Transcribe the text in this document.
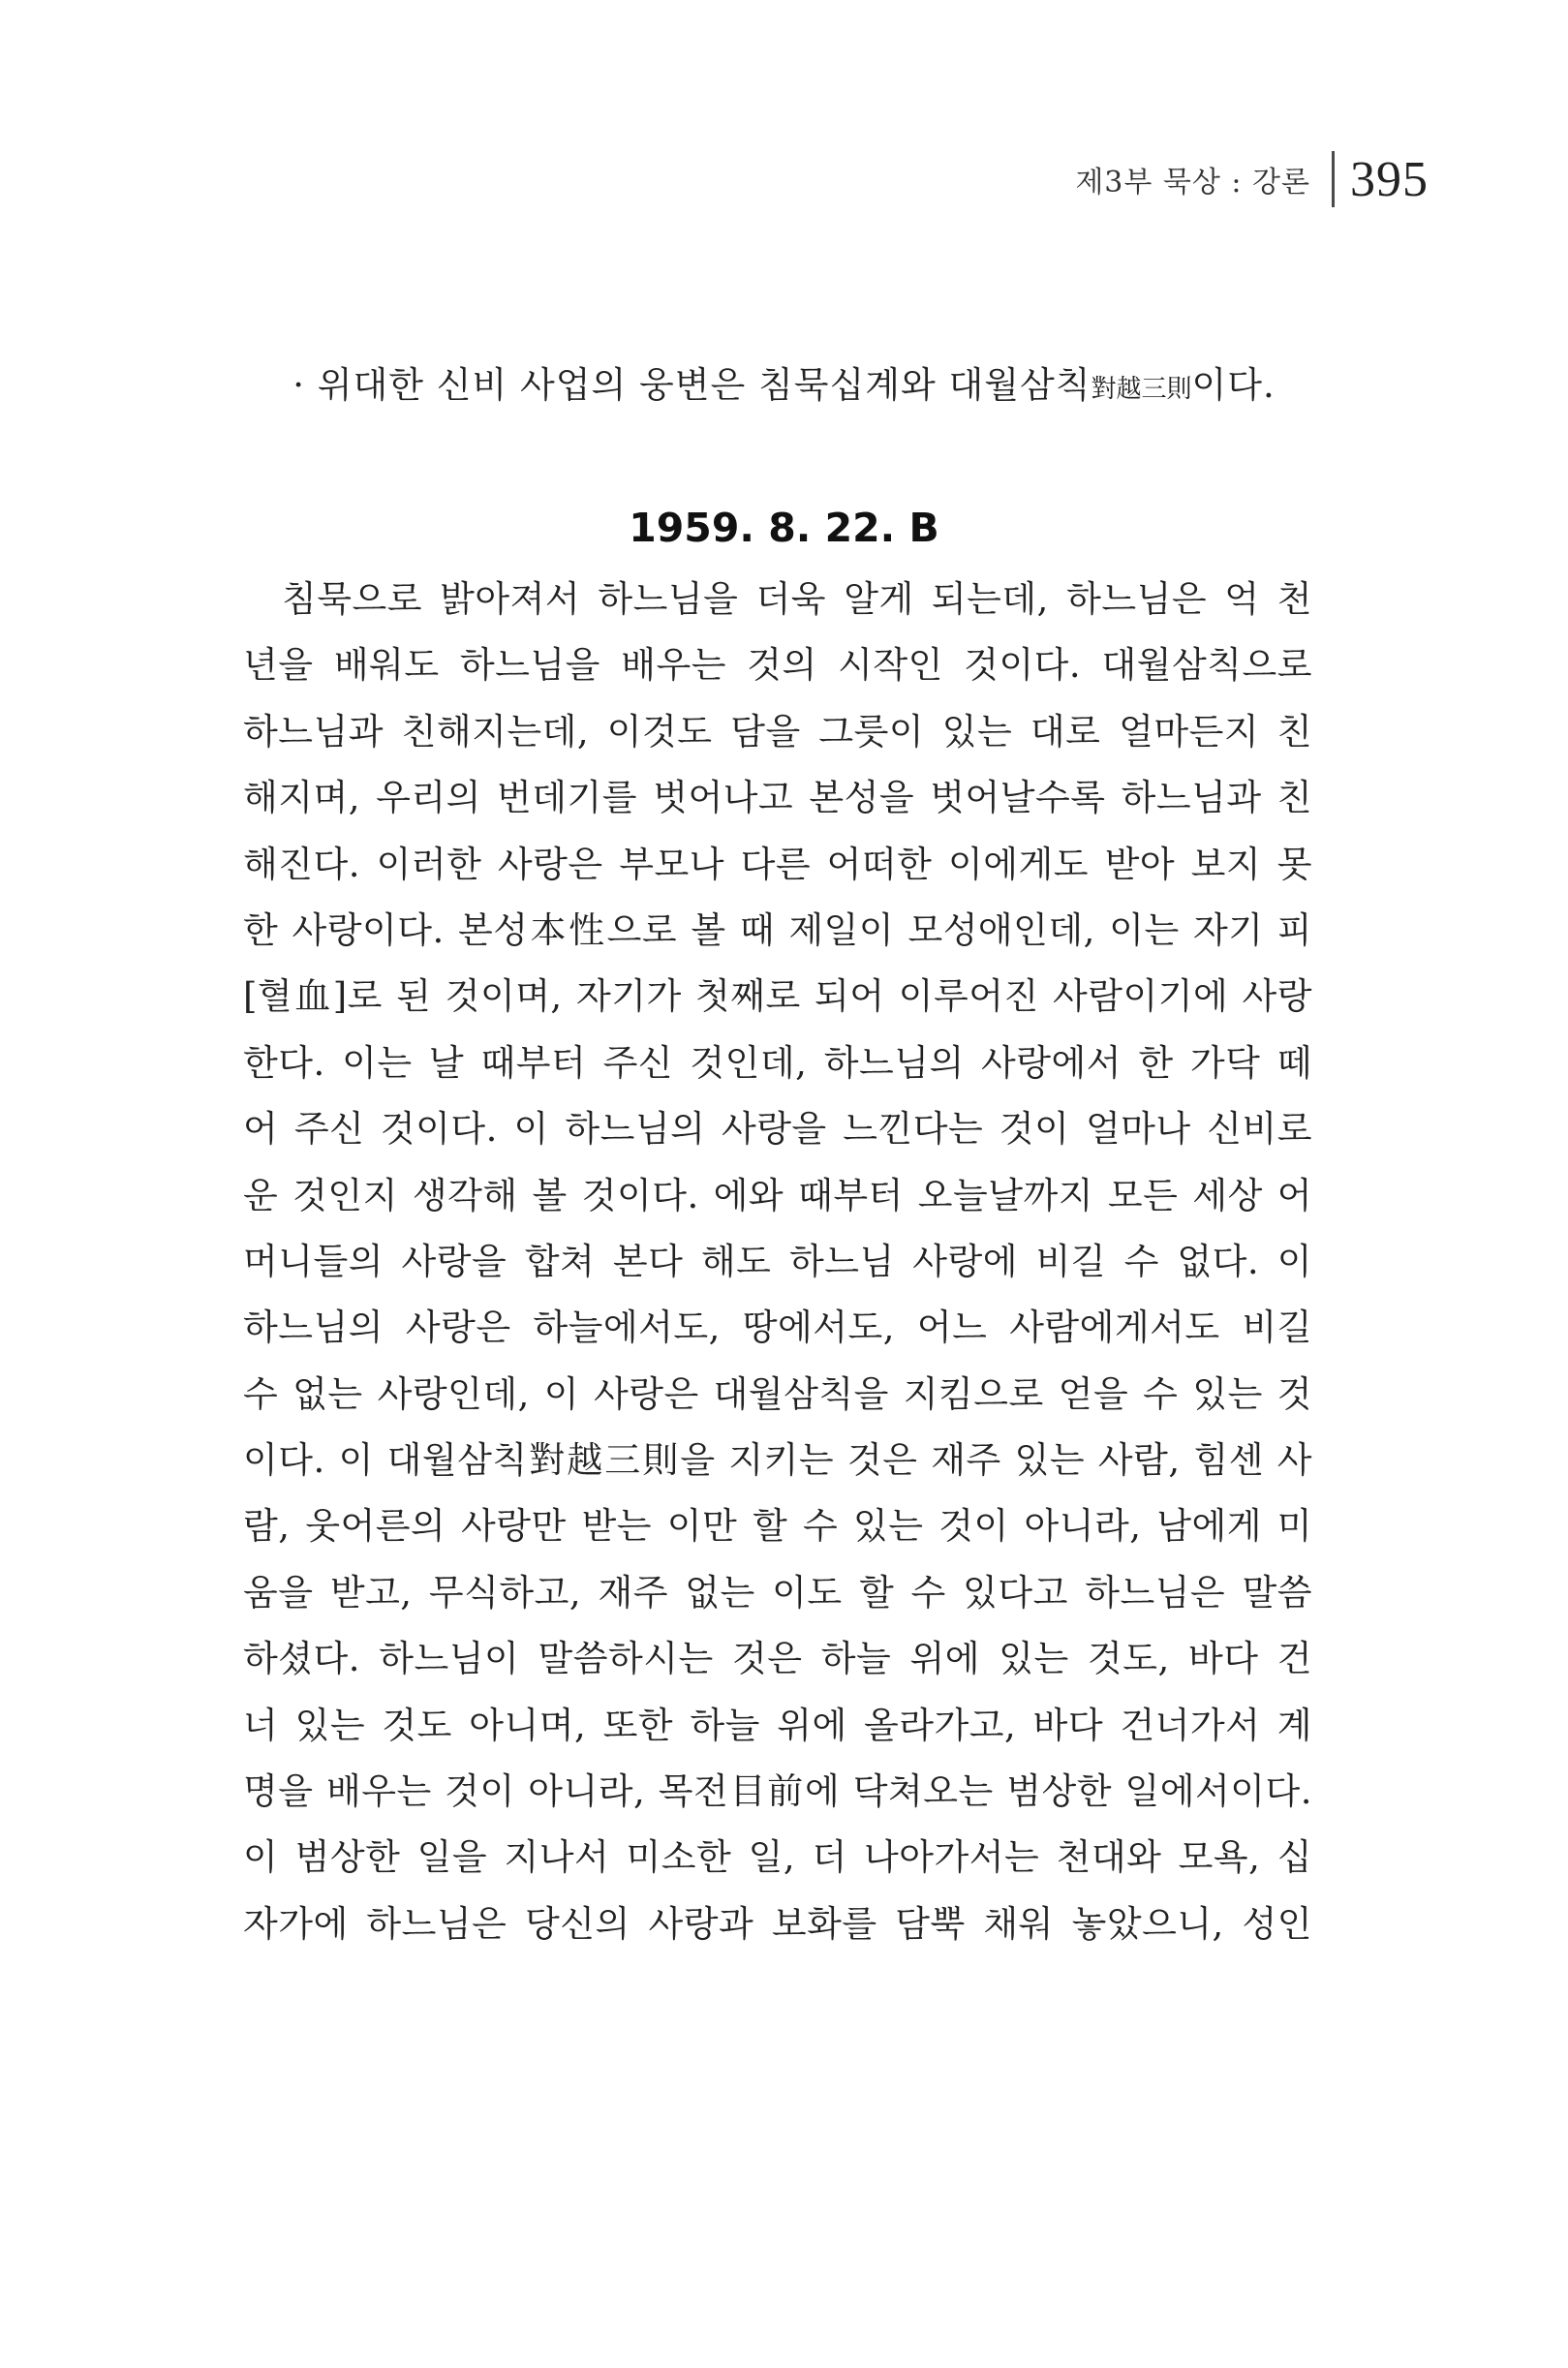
제3부 묵상 : 강론 395
· 위대한 신비 사업의 웅변은 침묵십계와 대월삼칙對越三則이다.
1959. 8. 22. B
침묵으로 밝아져서 하느님을 더욱 알게 되는데, 하느님은 억 천
년을 배워도 하느님을 배우는 것의 시작인 것이다. 대월삼칙으로
하느님과 친해지는데, 이것도 담을 그릇이 있는 대로 얼마든지 친
해지며, 우리의 번데기를 벗어나고 본성을 벗어날수록 하느님과 친
해진다. 이러한 사랑은 부모나 다른 어떠한 이에게도 받아 보지 못
한 사랑이다. 본성本性으로 볼 때 제일이 모성애인데, 이는 자기 피
[혈血]로 된 것이며, 자기가 첫째로 되어 이루어진 사람이기에 사랑
한다. 이는 날 때부터 주신 것인데, 하느님의 사랑에서 한 가닥 떼
어 주신 것이다. 이 하느님의 사랑을 느낀다는 것이 얼마나 신비로
운 것인지 생각해 볼 것이다. 에와 때부터 오늘날까지 모든 세상 어
머니들의 사랑을 합쳐 본다 해도 하느님 사랑에 비길 수 없다. 이
하느님의 사랑은 하늘에서도, 땅에서도, 어느 사람에게서도 비길
수 없는 사랑인데, 이 사랑은 대월삼칙을 지킴으로 얻을 수 있는 것
이다. 이 대월삼칙對越三則을 지키는 것은 재주 있는 사람, 힘센 사
람, 웃어른의 사랑만 받는 이만 할 수 있는 것이 아니라, 남에게 미
움을 받고, 무식하고, 재주 없는 이도 할 수 있다고 하느님은 말씀
하셨다. 하느님이 말씀하시는 것은 하늘 위에 있는 것도, 바다 건
너 있는 것도 아니며, 또한 하늘 위에 올라가고, 바다 건너가서 계
명을 배우는 것이 아니라, 목전目前에 닥쳐오는 범상한 일에서이다.
이 범상한 일을 지나서 미소한 일, 더 나아가서는 천대와 모욕, 십
자가에 하느님은 당신의 사랑과 보화를 담뿍 채워 놓았으니, 성인
